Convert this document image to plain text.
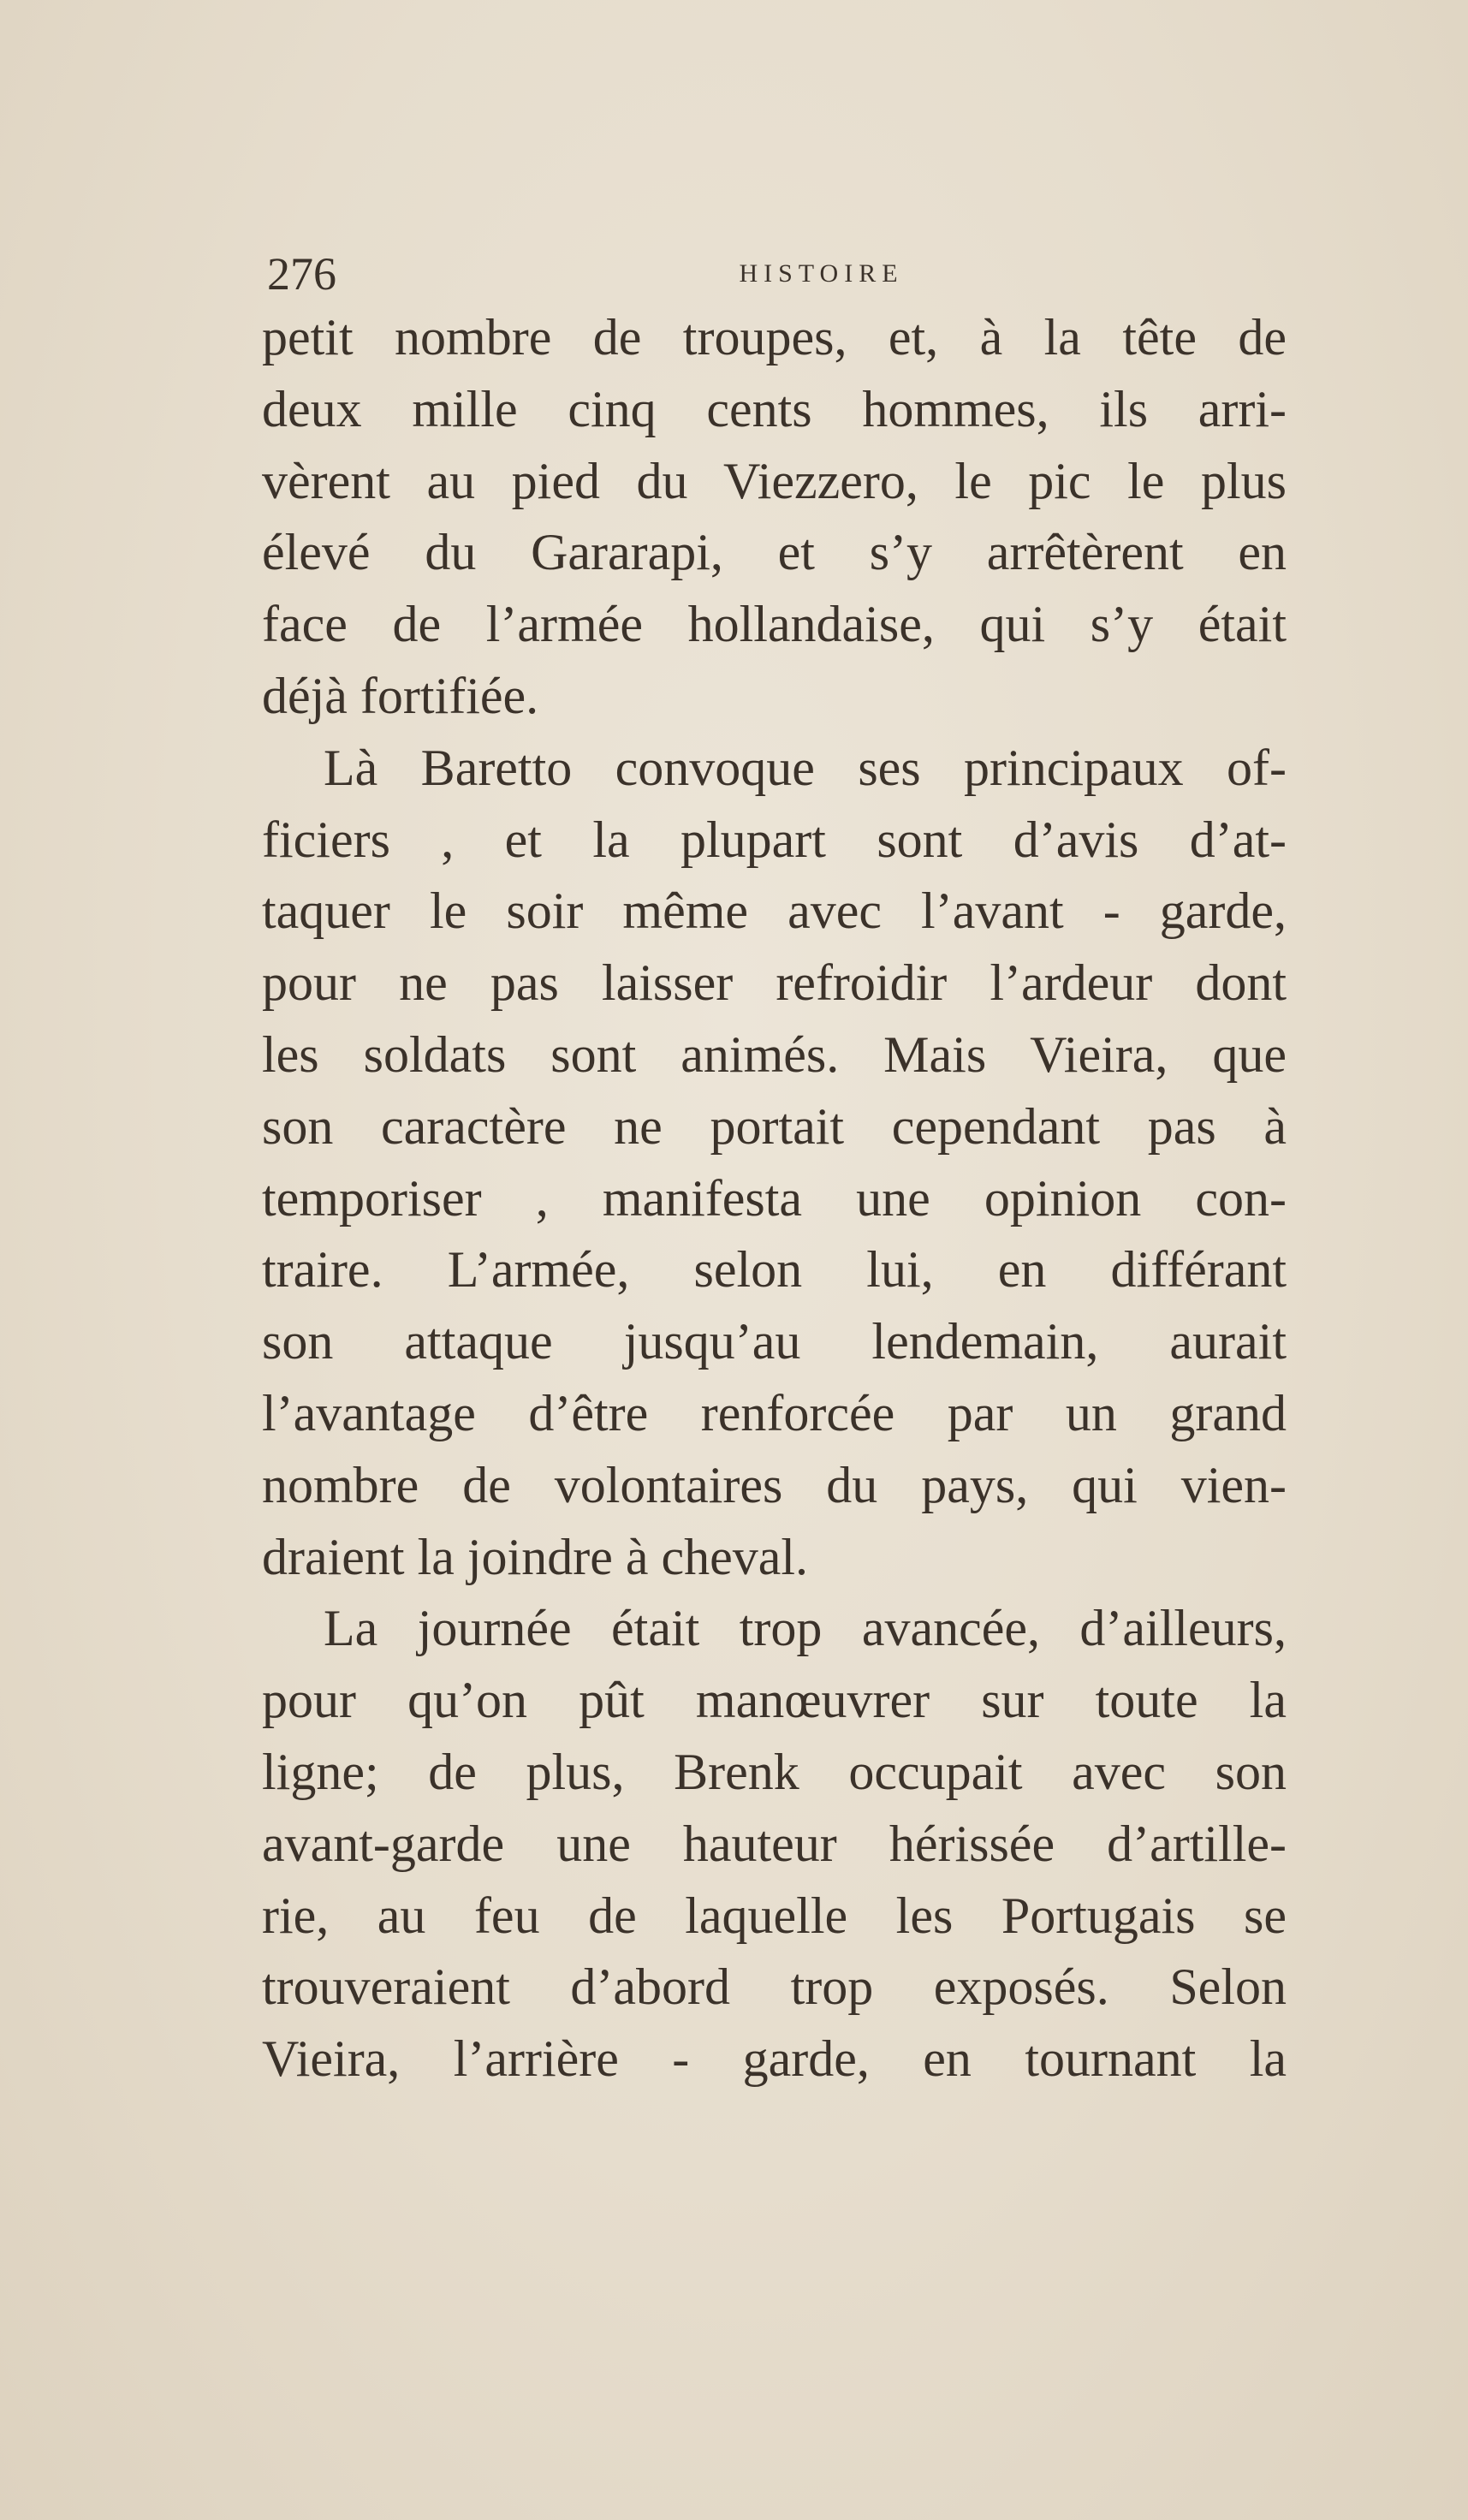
276	HISTOIRE
petit nombre de troupes, et, à la tête de
deux mille cinq cents hommes, ils arri-
vèrent au pied du Viezzero, le pic le plus
élevé du Gararapi, et s’y arrêtèrent en
face de l’armée hollandaise, qui s’y était
déjà fortifiée.
Là Baretto convoque ses principaux of-
ficiers , et la plupart sont d’avis d’at-
taquer le soir même avec l’avant - garde,
pour ne pas laisser refroidir l’ardeur dont
les soldats sont animés. Mais Vieira, que
son caractère ne portait cependant pas à
temporiser , manifesta une opinion con-
traire. L’armée, selon lui, en différant
son attaque jusqu’au lendemain, aurait
l’avantage d’être renforcée par un grand
nombre de volontaires du pays, qui vien-
draient la joindre à cheval.
La journée était trop avancée, d’ailleurs,
pour qu’on pût manœuvrer sur toute la
ligne; de plus, Brenk occupait avec son
avant-garde une hauteur hérissée d’artille-
rie, au feu de laquelle les Portugais se
trouveraient d’abord trop exposés. Selon
Vieira, l’arrière - garde, en tournant la
